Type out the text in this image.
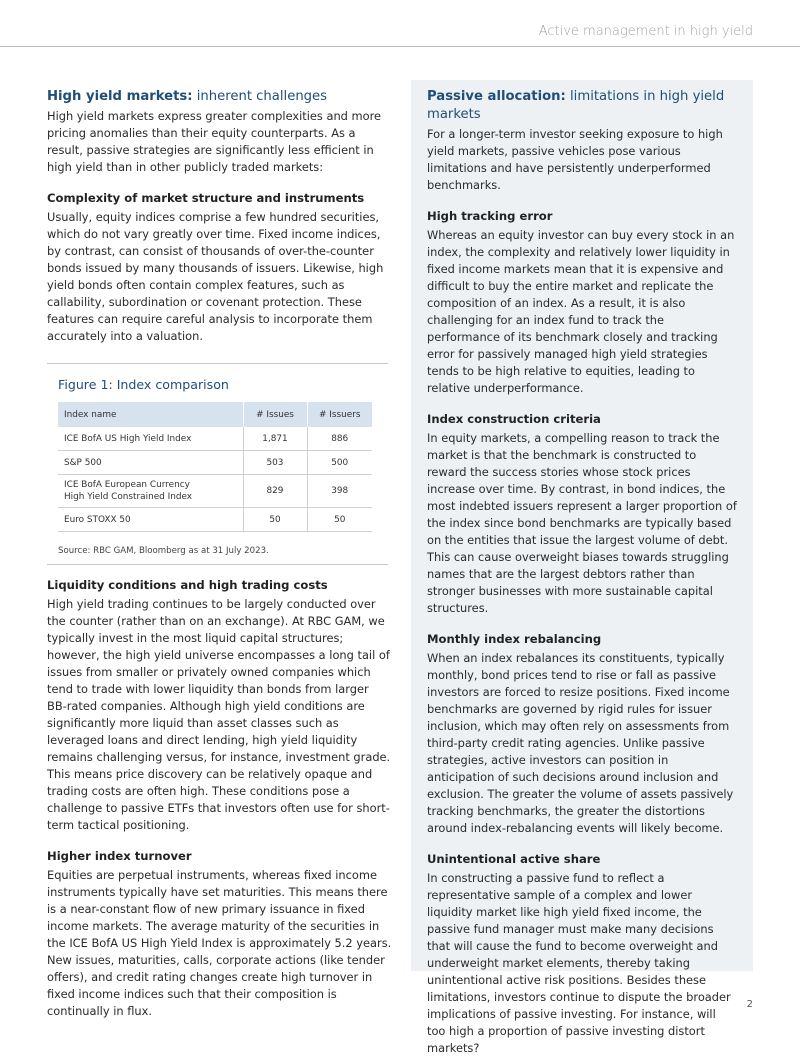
Active management in high yield
High yield markets: inherent challenges

High yield markets express greater complexities and more pricing anomalies than their equity counterparts. As a result, passive strategies are significantly less efficient in high yield than in other publicly traded markets:

Complexity of market structure and instruments

Usually, equity indices comprise a few hundred securities, which do not vary greatly over time. Fixed income indices, by contrast, can consist of thousands of over-the-counter bonds issued by many thousands of issuers. Likewise, high yield bonds often contain complex features, such as callability, subordination or covenant protection. These features can require careful analysis to incorporate them accurately into a valuation.

Figure 1: Index comparison
Index name	# Issues	# Issuers
ICE BofA US High Yield Index	1,871	886
S&P 500	503	500
ICE BofA European Currency High Yield Constrained Index	829	398
Euro STOXX 50	50	50
Source: RBC GAM, Bloomberg as at 31 July 2023.
Liquidity conditions and high trading costs

High yield trading continues to be largely conducted over the counter (rather than on an exchange). At RBC GAM, we typically invest in the most liquid capital structures; however, the high yield universe encompasses a long tail of issues from smaller or privately owned companies which tend to trade with lower liquidity than bonds from larger BB-rated companies. Although high yield conditions are significantly more liquid than asset classes such as leveraged loans and direct lending, high yield liquidity remains challenging versus, for instance, investment grade. This means price discovery can be relatively opaque and trading costs are often high. These conditions pose a challenge to passive ETFs that investors often use for short-term tactical positioning.

Higher index turnover

Equities are perpetual instruments, whereas fixed income instruments typically have set maturities. This means there is a near-constant flow of new primary issuance in fixed income markets. The average maturity of the securities in the ICE BofA US High Yield Index is approximately 5.2 years. New issues, maturities, calls, corporate actions (like tender offers), and credit rating changes create high turnover in fixed income indices such that their composition is continually in flux.

Passive allocation: limitations in high yield markets

For a longer-term investor seeking exposure to high yield markets, passive vehicles pose various limitations and have persistently underperformed benchmarks.

High tracking error

Whereas an equity investor can buy every stock in an index, the complexity and relatively lower liquidity in fixed income markets mean that it is expensive and difficult to buy the entire market and replicate the composition of an index. As a result, it is also challenging for an index fund to track the performance of its benchmark closely and tracking error for passively managed high yield strategies tends to be high relative to equities, leading to relative underperformance.

Index construction criteria

In equity markets, a compelling reason to track the market is that the benchmark is constructed to reward the success stories whose stock prices increase over time. By contrast, in bond indices, the most indebted issuers represent a larger proportion of the index since bond benchmarks are typically based on the entities that issue the largest volume of debt. This can cause overweight biases towards struggling names that are the largest debtors rather than stronger businesses with more sustainable capital structures.

Monthly index rebalancing

When an index rebalances its constituents, typically monthly, bond prices tend to rise or fall as passive investors are forced to resize positions. Fixed income benchmarks are governed by rigid rules for issuer inclusion, which may often rely on assessments from third-party credit rating agencies. Unlike passive strategies, active investors can position in anticipation of such decisions around inclusion and exclusion. The greater the volume of assets passively tracking benchmarks, the greater the distortions around index-rebalancing events will likely become.

Unintentional active share

In constructing a passive fund to reflect a representative sample of a complex and lower liquidity market like high yield fixed income, the passive fund manager must make many decisions that will cause the fund to become overweight and underweight market elements, thereby taking unintentional active risk positions. Besides these limitations, investors continue to dispute the broader implications of passive investing. For instance, will too high a proportion of passive investing distort markets?

2
